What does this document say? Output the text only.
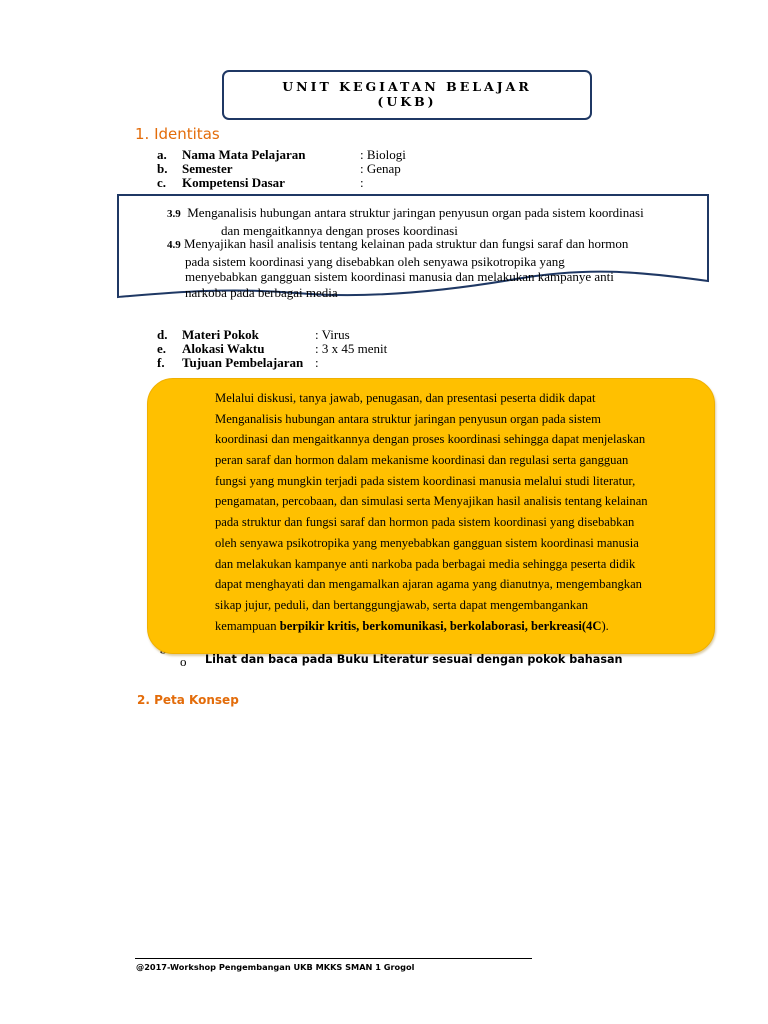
UNIT KEGIATAN BELAJAR
(UKB)
1. Identitas
a. Nama Mata Pelajaran	: Biologi
b. Semester	: Genap
c. Kompetensi Dasar	:
3.9 Menganalisis hubungan antara struktur jaringan penyusun organ pada sistem koordinasi
dan mengaitkannya dengan proses koordinasi
4.9 Menyajikan hasil analisis tentang kelainan pada struktur dan fungsi saraf dan hormon
pada sistem koordinasi yang disebabkan oleh senyawa psikotropika yang
menyebabkan gangguan sistem koordinasi manusia dan melakukan kampanye anti
narkoba pada berbagai media
d. Materi Pokok	: Virus
e. Alokasi Waktu	: 3 x 45 menit
f. Tujuan Pembelajaran :
Melalui diskusi, tanya jawab, penugasan, dan presentasi peserta didik dapat
Menganalisis hubungan antara struktur jaringan penyusun organ pada sistem
koordinasi dan mengaitkannya dengan proses koordinasi sehingga dapat menjelaskan
peran saraf dan hormon dalam mekanisme koordinasi dan regulasi serta gangguan
fungsi yang mungkin terjadi pada sistem koordinasi manusia melalui studi literatur,
pengamatan, percobaan, dan simulasi serta Menyajikan hasil analisis tentang kelainan
pada struktur dan fungsi saraf dan hormon pada sistem koordinasi yang disebabkan
oleh senyawa psikotropika yang menyebabkan gangguan sistem koordinasi manusia
dan melakukan kampanye anti narkoba pada berbagai media sehingga peserta didik
dapat menghayati dan mengamalkan ajaran agama yang dianutnya, mengembangkan
sikap jujur, peduli, dan bertanggungjawab, serta dapat mengembangankan
kemampuan berpikir kritis, berkomunikasi, berkolaborasi, berkreasi(4C).
o Lihat dan baca pada Buku Literatur sesuai dengan pokok bahasan
2. Peta Konsep
@2017-Workshop Pengembangan UKB MKKS SMAN 1 Grogol
